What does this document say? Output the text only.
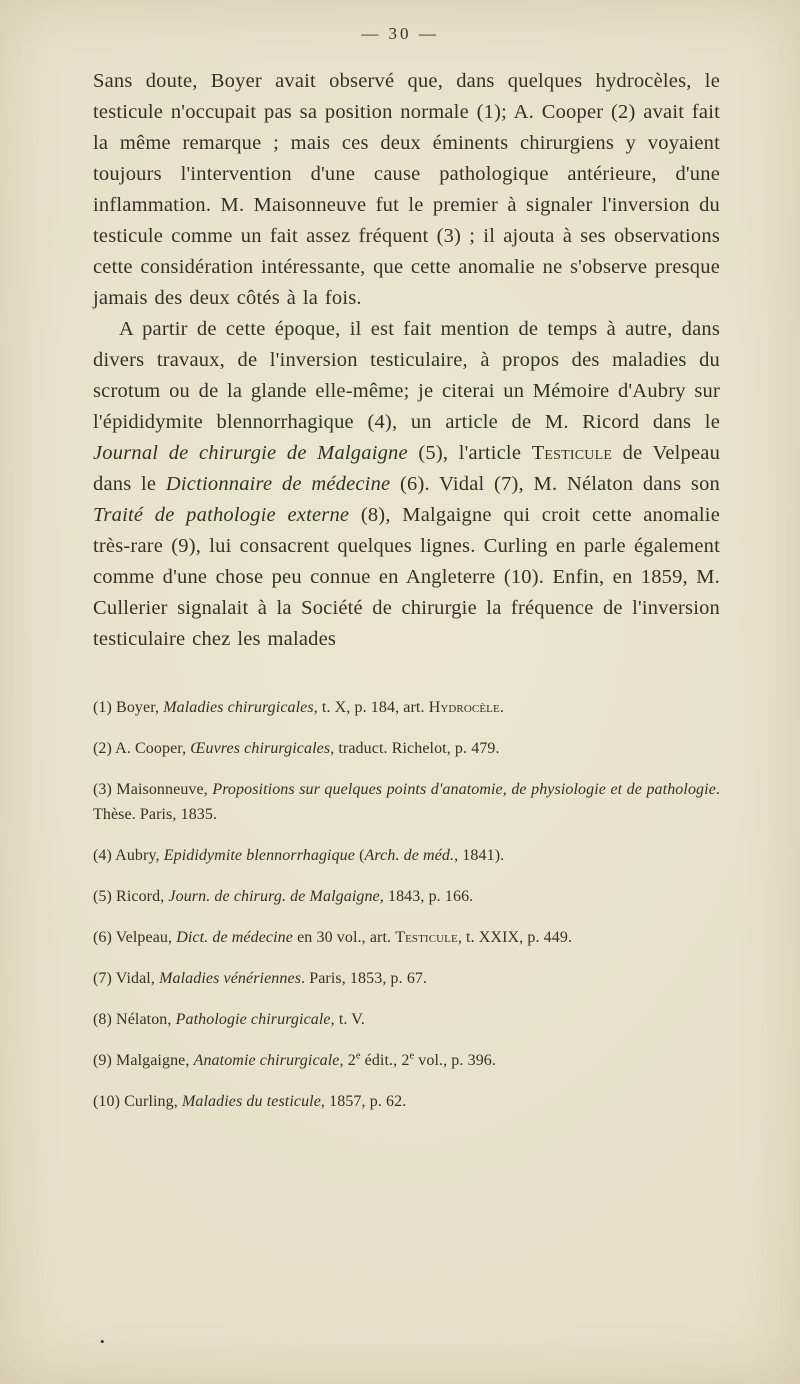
— 30 —

Sans doute, Boyer avait observé que, dans quelques hydrocèles, le testicule n'occupait pas sa position normale (1); A. Cooper (2) avait fait la même remarque ; mais ces deux éminents chirurgiens y voyaient toujours l'intervention d'une cause pathologique antérieure, d'une inflammation. M. Maisonneuve fut le premier à signaler l'inversion du testicule comme un fait assez fréquent (3) ; il ajouta à ses observations cette considération intéressante, que cette anomalie ne s'observe presque jamais des deux côtés à la fois.

A partir de cette époque, il est fait mention de temps à autre, dans divers travaux, de l'inversion testiculaire, à propos des maladies du scrotum ou de la glande elle-même; je citerai un Mémoire d'Aubry sur l'épididymite blennorrhagique (4), un article de M. Ricord dans le Journal de chirurgie de Malgaigne (5), l'article Testicule de Velpeau dans le Dictionnaire de médecine (6). Vidal (7), M. Nélaton dans son Traité de pathologie externe (8), Malgaigne qui croit cette anomalie très-rare (9), lui consacrent quelques lignes. Curling en parle également comme d'une chose peu connue en Angleterre (10). Enfin, en 1859, M. Cullerier signalait à la Société de chirurgie la fréquence de l'inversion testiculaire chez les malades

(1) Boyer, Maladies chirurgicales, t. X, p. 184, art. Hydrocèle.
(2) A. Cooper, Œuvres chirurgicales, traduct. Richelot, p. 479.
(3) Maisonneuve, Propositions sur quelques points d'anatomie, de physiologie et de pathologie. Thèse. Paris, 1835.
(4) Aubry, Epididymite blennorrhagique (Arch. de méd., 1841).
(5) Ricord, Journ. de chirurg. de Malgaigne, 1843, p. 166.
(6) Velpeau, Dict. de médecine en 30 vol., art. Testicule, t. XXIX, p. 449.
(7) Vidal, Maladies vénériennes. Paris, 1853, p. 67.
(8) Nélaton, Pathologie chirurgicale, t. V.
(9) Malgaigne, Anatomie chirurgicale, 2e édit., 2e vol., p. 396.
(10) Curling, Maladies du testicule, 1857, p. 62.
•
